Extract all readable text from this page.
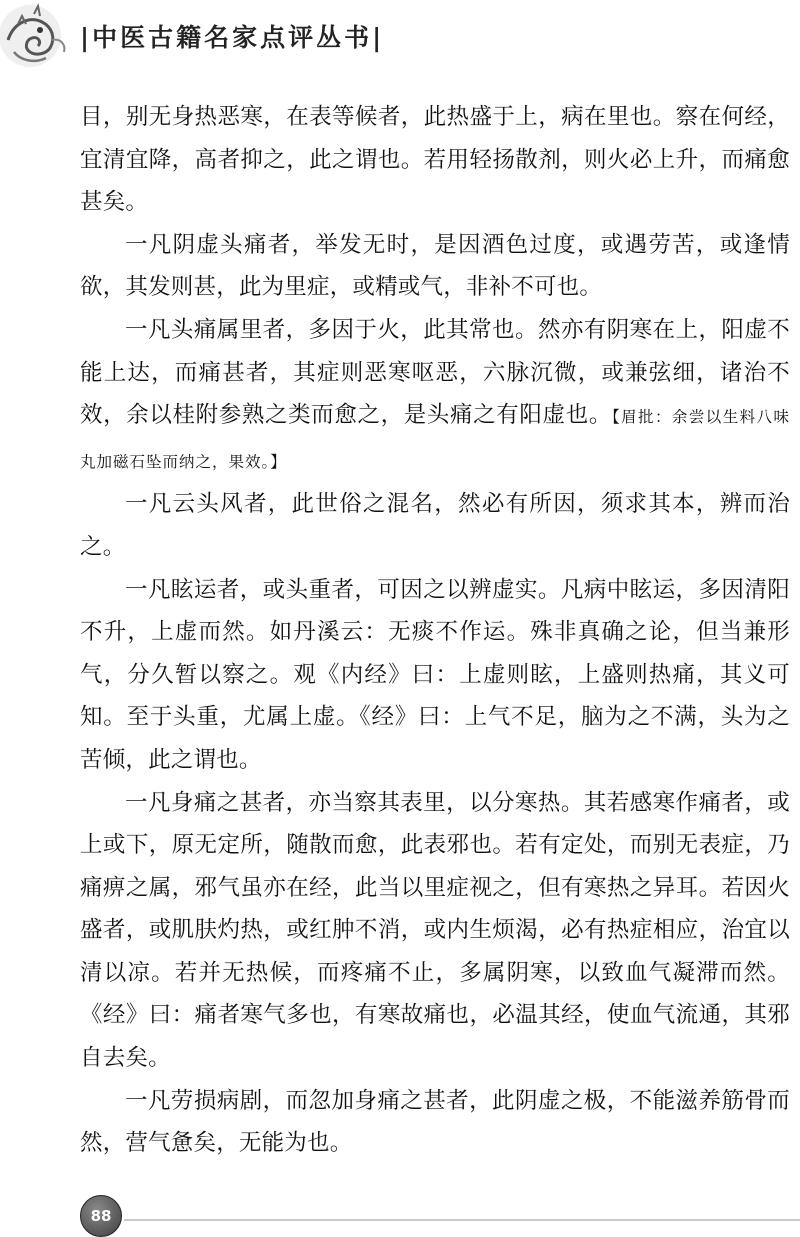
|中医古籍名家点评丛书|

目，别无身热恶寒，在表等候者，此热盛于上，病在里也。察在何经，宜清宜降，高者抑之，此之谓也。若用轻扬散剂，则火必上升，而痛愈甚矣。

一凡阴虚头痛者，举发无时，是因酒色过度，或遇劳苦，或逢情欲，其发则甚，此为里症，或精或气，非补不可也。

一凡头痛属里者，多因于火，此其常也。然亦有阴寒在上，阳虚不能上达，而痛甚者，其症则恶寒呕恶，六脉沉微，或兼弦细，诸治不效，余以桂附参熟之类而愈之，是头痛之有阳虚也。【眉批：余尝以生料八味丸加磁石坠而纳之，果效。】

一凡云头风者，此世俗之混名，然必有所因，须求其本，辨而治之。

一凡眩运者，或头重者，可因之以辨虚实。凡病中眩运，多因清阳不升，上虚而然。如丹溪云：无痰不作运。殊非真确之论，但当兼形气，分久暂以察之。观《内经》曰：上虚则眩，上盛则热痛，其义可知。至于头重，尤属上虚。《经》曰：上气不足，脑为之不满，头为之苦倾，此之谓也。

一凡身痛之甚者，亦当察其表里，以分寒热。其若感寒作痛者，或上或下，原无定所，随散而愈，此表邪也。若有定处，而别无表症，乃痛痹之属，邪气虽亦在经，此当以里症视之，但有寒热之异耳。若因火盛者，或肌肤灼热，或红肿不消，或内生烦渴，必有热症相应，治宜以清以凉。若并无热候，而疼痛不止，多属阴寒，以致血气凝滞而然。《经》曰：痛者寒气多也，有寒故痛也，必温其经，使血气流通，其邪自去矣。

一凡劳损病剧，而忽加身痛之甚者，此阴虚之极，不能滋养筋骨而然，营气惫矣，无能为也。

88
